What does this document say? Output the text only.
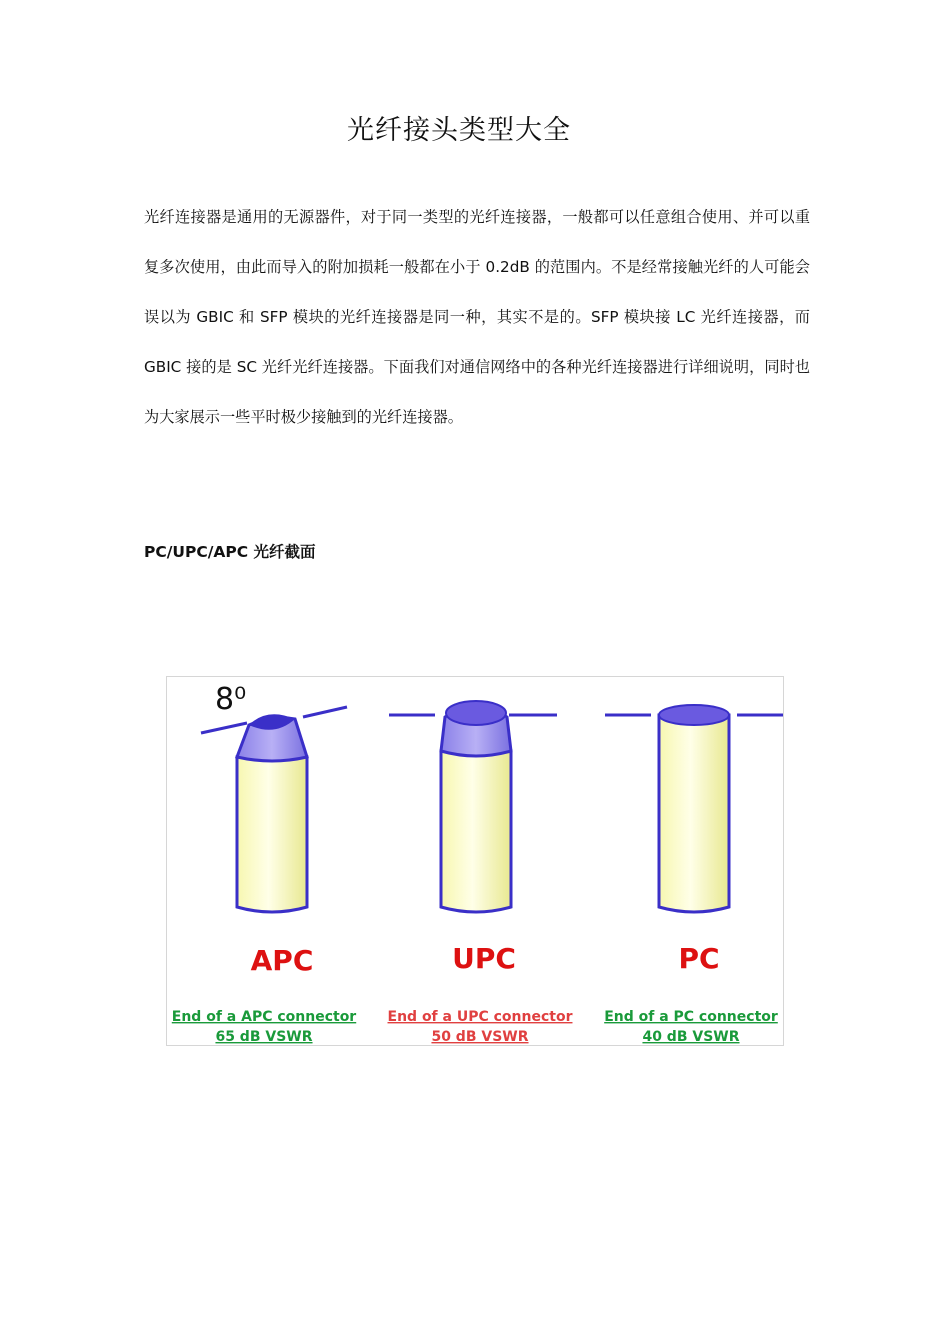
光纤接头类型大全

光纤连接器是通用的无源器件，对于同一类型的光纤连接器，一般都可以任意组合使用、并可以重复多次使用，由此而导入的附加损耗一般都在小于 0.2dB 的范围内。不是经常接触光纤的人可能会误以为 GBIC 和 SFP 模块的光纤连接器是同一种，其实不是的。SFP 模块接 LC 光纤连接器，而 GBIC 接的是 SC 光纤光纤连接器。下面我们对通信网络中的各种光纤连接器进行详细说明，同时也为大家展示一些平时极少接触到的光纤连接器。

PC/UPC/APC 光纤截面
8⁰
APC	UPC	PC
End of a APC connector
65 dB VSWR
End of a UPC connector
50 dB VSWR
End of a PC connector
40 dB VSWR
